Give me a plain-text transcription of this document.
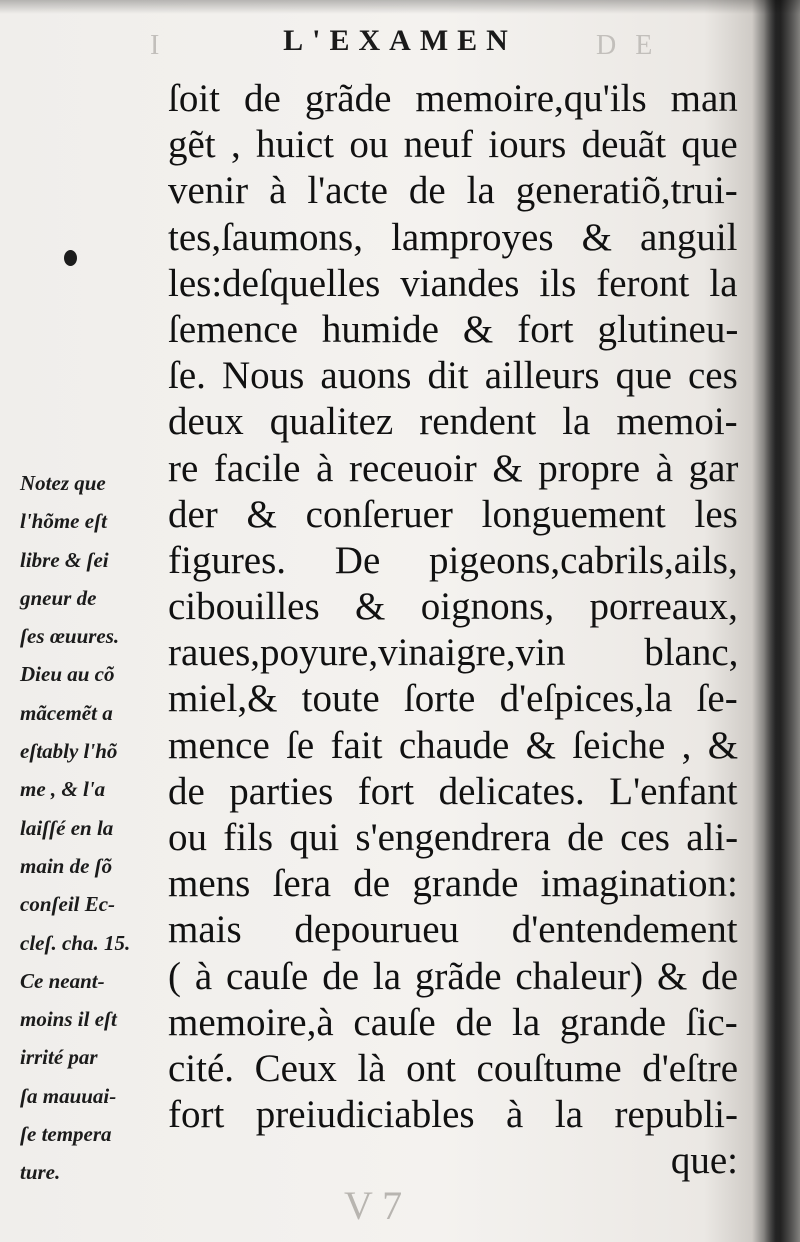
I	D E
L'EXAMEN
Notez que
l'hõme eſt
libre & ſei
gneur de
ſes œuures.
Dieu au cõ
mãcemẽt a
eſtably l'hõ
me , & l'a
laiſſé en la
main de ſõ
conſeil Ec-
cleſ. cha. 15.
Ce neant-
moins il eſt
irrité par
ſa mauuai-
ſe tempera
ture.
ſoit de grãde memoire,qu'ils man
gẽt , huict ou neuf iours deuãt que
venir à l'acte de la generatiõ,trui-
tes,ſaumons, lamproyes & anguil
les:deſquelles viandes ils feront la
ſemence humide & fort glutineu-
ſe. Nous auons dit ailleurs que ces
deux qualitez rendent la memoi-
re facile à receuoir & propre à gar
der & conſeruer longuement les
figures. De pigeons,cabrils,ails,
cibouilles & oignons, porreaux,
raues,poyure,vinaigre,vin blanc,
miel,& toute ſorte d'eſpices,la ſe-
mence ſe fait chaude & ſeiche , &
de parties fort delicates. L'enfant
ou fils qui s'engendrera de ces ali-
mens ſera de grande imagination:
mais depourueu d'entendement
( à cauſe de la grãde chaleur) & de
memoire,à cauſe de la grande ſic-
cité. Ceux là ont couſtume d'eſtre
fort preiudiciables à la republi-
que:
V 7
